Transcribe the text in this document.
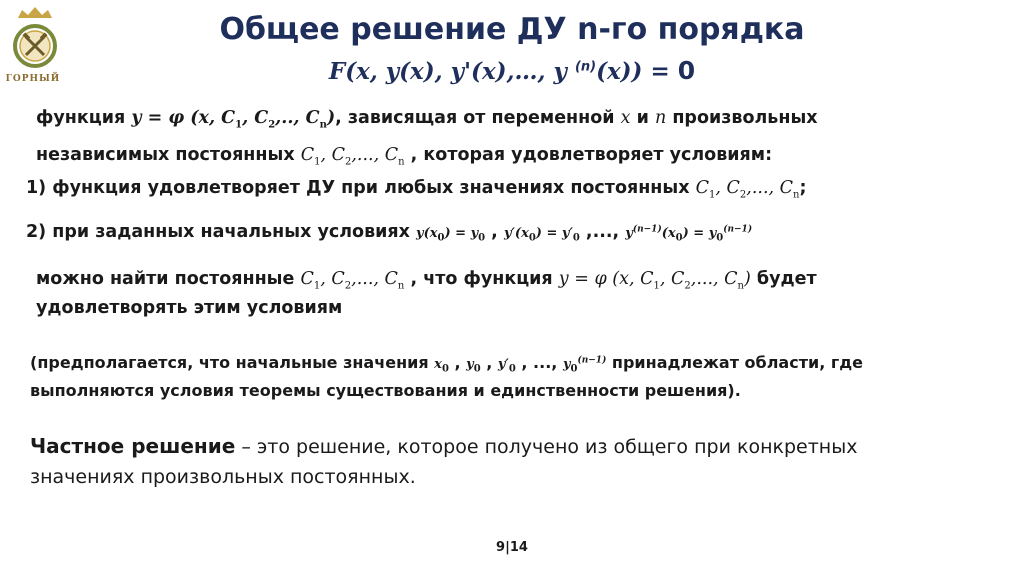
ГОРНЫЙ
Общее решение ДУ n-го порядка
F(x, y(x), y'(x),…, y $^{(n)}$(x)) = 0
функция y = φ (x, $C_1$, $C_2$,.., $C_n$), зависящая от переменной x и n произвольных
независимых постоянных $C_1$, $C_2$,..., $C_n$ , которая удовлетворяет условиям:
1) функция удовлетворяет ДУ при любых значениях постоянных $C_1$, $C_2$,..., $C_n$;
2) при заданных начальных условиях $y(x_0) = y_0$ , $y'(x_0) = y'_0$ ,..., $y^{(n-1)}(x_0) = y_0^{(n-1)}$
можно найти постоянные $C_1$, $C_2$,..., $C_n$ , что функция y = φ (x, $C_1$, $C_2$,..., $C_n$) будет
удовлетворять этим условиям
(предполагается, что начальные значения $x_0$ , $y_0$ , $y'_0$ , ..., $y_0^{(n-1)}$ принадлежат области, где
выполняются условия теоремы существования и единственности решения).
Частное решение – это решение, которое получено из общего при конкретных
значениях произвольных постоянных.
9|14
